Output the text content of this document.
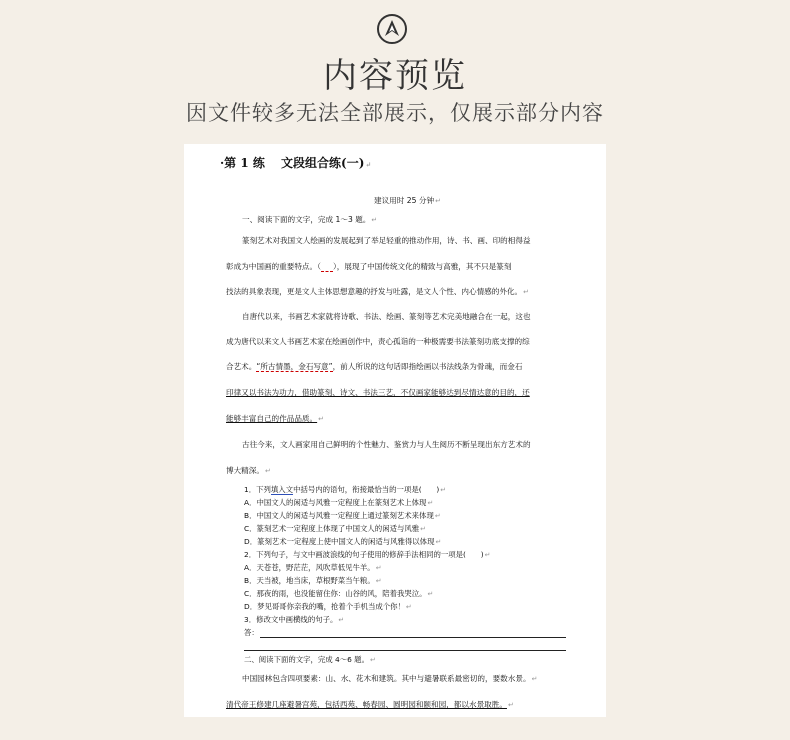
内容预览
因文件较多无法全部展示，仅展示部分内容
·第 1 练　 文段组合练(一)↵
建议用时 25 分钟↵
一、阅读下面的文字，完成 1～3 题。↵
篆刻艺术对我国文人绘画的发展起到了举足轻重的推动作用，诗、书、画、印的相得益
彰成为中国画的重要特点。（ ），展现了中国传统文化的精致与高雅，其不只是篆刻
技法的具象表现，更是文人主体思想意趣的抒发与吐露，是文人个性、内心情感的外化。↵
自唐代以来，书画艺术家就将诗歌、书法、绘画、篆刻等艺术完美地融合在一起，这也
成为唐代以来文人书画艺术家在绘画创作中，责心孤诣的一种极需要书法篆刻功底支撑的综
合艺术。“所古情墨，金石写意”，前人所说的这句话即指绘画以书法线条为骨魂，而金石
印律又以书法为功力，借助篆刻、诗文、书法三艺，不仅画家能够达到尽情达意的目的，还
能够丰富自己的作品品质。↵
古往今来，文人画家用自己鲜明的个性魅力、鉴赏力与人生阅历不断呈现出东方艺术的
博大精深。↵
1．下列填入文中括号内的语句，衔接最恰当的一项是(　　)↵
A．中国文人的闲适与风雅一定程度上在篆刻艺术上体现↵
B．中国文人的闲适与风雅一定程度上通过篆刻艺术来体现↵
C．篆刻艺术一定程度上体现了中国文人的闲适与风雅↵
D．篆刻艺术一定程度上使中国文人的闲适与风雅得以体现↵
2．下列句子，与文中画波浪线的句子使用的修辞手法相同的一项是(　　)↵
A．天苍苍，野茫茫，风吹草低见牛羊。↵
B．天当被，地当床，草根野菜当午粮。↵
C．那夜的雨，也没能留住你：山谷的风，陪着我哭泣。↵
D．梦见哥哥你亲我的嘴，抢着个手机当成个你！↵
3．修改文中画横线的句子。↵
答：
二、阅读下面的文字，完成 4～6 题。↵
中国园林包含四项要素：山、水、花木和建筑。其中与避暑联系最密切的，要数水景。↵
清代帝王修建几座避暑宫苑，包括西苑、畅春园、圆明园和颐和园，都以水景取胜。↵
